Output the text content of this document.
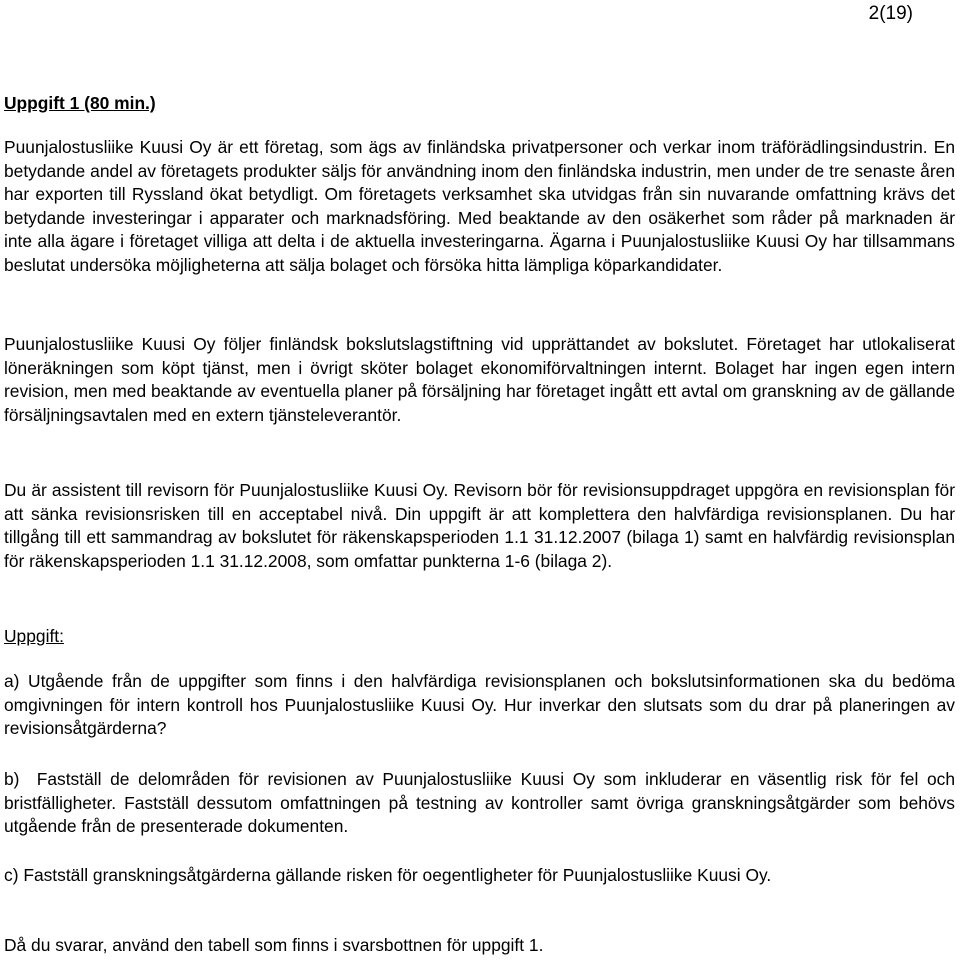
2(19)

Uppgift 1 (80 min.)

Puunjalostusliike Kuusi Oy är ett företag, som ägs av finländska privatpersoner och verkar inom träförädlingsindustrin. En betydande andel av företagets produkter säljs för användning inom den finländska industrin, men under de tre senaste åren har exporten till Ryssland ökat betydligt. Om företagets verksamhet ska utvidgas från sin nuvarande omfattning krävs det betydande investeringar i apparater och marknadsföring. Med beaktande av den osäkerhet som råder på marknaden är inte alla ägare i företaget villiga att delta i de aktuella investeringarna. Ägarna i Puunjalostusliike Kuusi Oy har tillsammans beslutat undersöka möjligheterna att sälja bolaget och försöka hitta lämpliga köparkandidater.

Puunjalostusliike Kuusi Oy följer finländsk bokslutslagstiftning vid upprättandet av bokslutet. Företaget har utlokaliserat löneräkningen som köpt tjänst, men i övrigt sköter bolaget ekonomiförvaltningen internt. Bolaget har ingen egen intern revision, men med beaktande av eventuella planer på försäljning har företaget ingått ett avtal om granskning av de gällande försäljningsavtalen med en extern tjänsteleverantör.

Du är assistent till revisorn för Puunjalostusliike Kuusi Oy. Revisorn bör för revisionsuppdraget uppgöra en revisionsplan för att sänka revisionsrisken till en acceptabel nivå. Din uppgift är att komplettera den halvfärdiga revisionsplanen. Du har tillgång till ett sammandrag av bokslutet för räkenskapsperioden 1.1 31.12.2007 (bilaga 1) samt en halvfärdig revisionsplan för räkenskapsperioden 1.1 31.12.2008, som omfattar punkterna 1-6 (bilaga 2).

Uppgift:

a) Utgående från de uppgifter som finns i den halvfärdiga revisionsplanen och bokslutsinformationen ska du bedöma omgivningen för intern kontroll hos Puunjalostusliike Kuusi Oy. Hur inverkar den slutsats som du drar på planeringen av revisionsåtgärderna?

b)  Fastställ de delområden för revisionen av Puunjalostusliike Kuusi Oy som inkluderar en väsentlig risk för fel och bristfälligheter. Fastställ dessutom omfattningen på testning av kontroller samt övriga granskningsåtgärder som behövs utgående från de presenterade dokumenten.

c) Fastställ granskningsåtgärderna gällande risken för oegentligheter för Puunjalostusliike Kuusi Oy.

Då du svarar, använd den tabell som finns i svarsbottnen för uppgift 1.
